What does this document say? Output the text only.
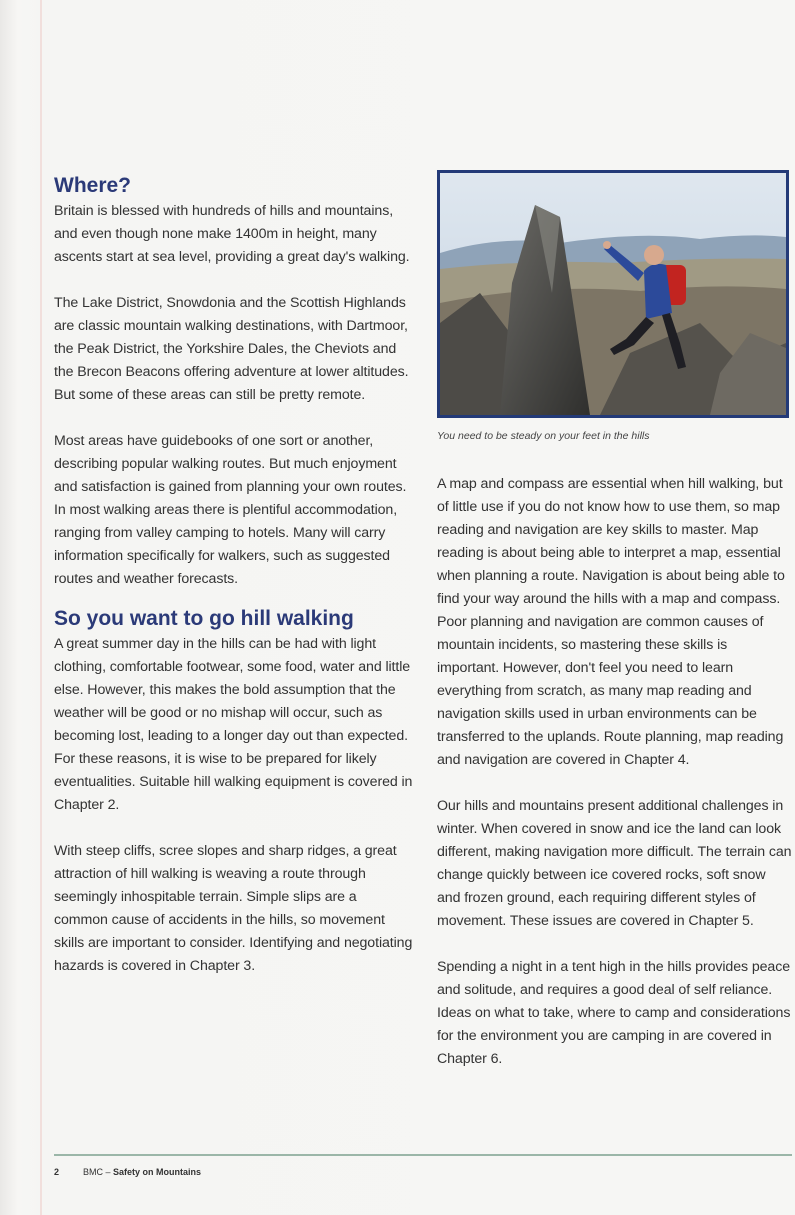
Where?

Britain is blessed with hundreds of hills and mountains, and even though none make 1400m in height, many ascents start at sea level, providing a great day's walking.

The Lake District, Snowdonia and the Scottish Highlands are classic mountain walking destinations, with Dartmoor, the Peak District, the Yorkshire Dales, the Cheviots and the Brecon Beacons offering adventure at lower altitudes. But some of these areas can still be pretty remote.

Most areas have guidebooks of one sort or another, describing popular walking routes. But much enjoyment and satisfaction is gained from planning your own routes. In most walking areas there is plentiful accommodation, ranging from valley camping to hotels. Many will carry information specifically for walkers, such as suggested routes and weather forecasts.

So you want to go hill walking

A great summer day in the hills can be had with light clothing, comfortable footwear, some food, water and little else. However, this makes the bold assumption that the weather will be good or no mishap will occur, such as becoming lost, leading to a longer day out than expected. For these reasons, it is wise to be prepared for likely eventualities. Suitable hill walking equipment is covered in Chapter 2.

With steep cliffs, scree slopes and sharp ridges, a great attraction of hill walking is weaving a route through seemingly inhospitable terrain. Simple slips are a common cause of accidents in the hills, so movement skills are important to consider. Identifying and negotiating hazards is covered in Chapter 3.

You need to be steady on your feet in the hills

A map and compass are essential when hill walking, but of little use if you do not know how to use them, so map reading and navigation are key skills to master. Map reading is about being able to interpret a map, essential when planning a route. Navigation is about being able to find your way around the hills with a map and compass. Poor planning and navigation are common causes of mountain incidents, so mastering these skills is important. However, don't feel you need to learn everything from scratch, as many map reading and navigation skills used in urban environments can be transferred to the uplands. Route planning, map reading and navigation are covered in Chapter 4.

Our hills and mountains present additional challenges in winter. When covered in snow and ice the land can look different, making navigation more difficult. The terrain can change quickly between ice covered rocks, soft snow and frozen ground, each requiring different styles of movement. These issues are covered in Chapter 5.

Spending a night in a tent high in the hills provides peace and solitude, and requires a good deal of self reliance. Ideas on what to take, where to camp and considerations for the environment you are camping in are covered in Chapter 6.

2	BMC – Safety on Mountains
